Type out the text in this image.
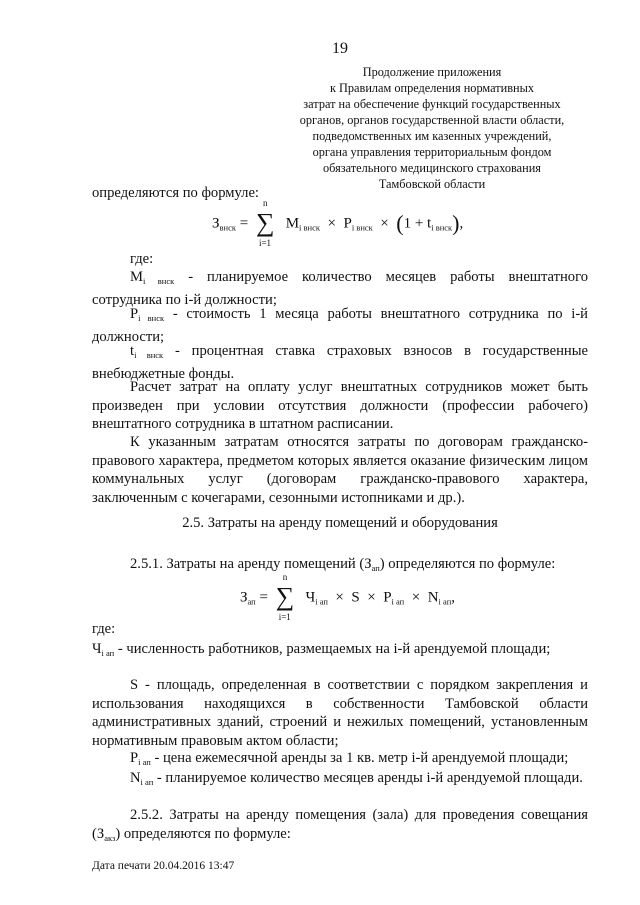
19
Продолжение приложения
к Правилам определения нормативных
затрат на обеспечение функций государственных
органов, органов государственной власти области,
подведомственных им казенных учреждений,
органа управления территориальным фондом
обязательного медицинского страхования
Тамбовской области
определяются по формуле:
$З_{внск}$ =
n
∑
i=1
$M_{i внск} \times P_{i внск} \times (1 + t_{i внск})$,
где:
$M_{i внск}$ - планируемое количество месяцев работы внештатного сотрудника по i-й должности;
$P_{i внск}$ - стоимость 1 месяца работы внештатного сотрудника по i-й должности;
$t_{i внск}$ - процентная ставка страховых взносов в государственные внебюджетные фонды.
Расчет затрат на оплату услуг внештатных сотрудников может быть произведен при условии отсутствия должности (профессии рабочего) внештатного сотрудника в штатном расписании.
К указанным затратам относятся затраты по договорам гражданско-правового характера, предметом которых является оказание физическим лицом коммунальных услуг (договорам гражданско-правового характера, заключенным с кочегарами, сезонными истопниками и др.).
2.5. Затраты на аренду помещений и оборудования
2.5.1. Затраты на аренду помещений $(З_{ап})$ определяются по формуле:
$З_{ап}$ =
n
∑
i=1
$Ч_{i ап} \times S \times P_{i ап} \times N_{i ап}$,
где:
$Ч_{i ап}$ - численность работников, размещаемых на i-й арендуемой площади;
S - площадь, определенная в соответствии с порядком закрепления и использования находящихся в собственности Тамбовской области административных зданий, строений и нежилых помещений, установленным нормативным правовым актом области;
$P_{i ап}$ - цена ежемесячной аренды за 1 кв. метр i-й арендуемой площади;
$N_{i ап}$ - планируемое количество месяцев аренды i-й арендуемой площади.
2.5.2. Затраты на аренду помещения (зала) для проведения совещания $(З_{акз})$ определяются по формуле:
Дата печати 20.04.2016 13:47
